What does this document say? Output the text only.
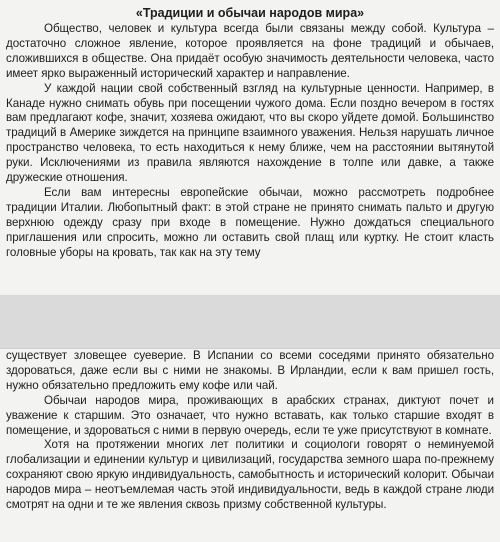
«Традиции и обычаи народов мира»

Общество, человек и культура всегда были связаны между собой. Культура – достаточно сложное явление, которое проявляется на фоне традиций и обычаев, сложившихся в обществе. Она придаёт особую значимость деятельности человека, часто имеет ярко выраженный исторический характер и направление.

У каждой нации свой собственный взгляд на культурные ценности. Например, в Канаде нужно снимать обувь при посещении чужого дома. Если поздно вечером в гостях вам предлагают кофе, значит, хозяева ожидают, что вы скоро уйдете домой. Большинство традиций в Америке зиждется на принципе взаимного уважения. Нельзя нарушать личное пространство человека, то есть находиться к нему ближе, чем на расстоянии вытянутой руки. Исключениями из правила являются нахождение в толпе или давке, а также дружеские отношения.

Если вам интересны европейские обычаи, можно рассмотреть подробнее традиции Италии. Любопытный факт: в этой стране не принято снимать пальто и другую верхнюю одежду сразу при входе в помещение. Нужно дождаться специального приглашения или спросить, можно ли оставить свой плащ или куртку. Не стоит класть головные уборы на кровать, так как на эту тему

существует зловещее суеверие. В Испании со всеми соседями принято обязательно здороваться, даже если вы с ними не знакомы. В Ирландии, если к вам пришел гость, нужно обязательно предложить ему кофе или чай.

Обычаи народов мира, проживающих в арабских странах, диктуют почет и уважение к старшим. Это означает, что нужно вставать, как только старшие входят в помещение, и здороваться с ними в первую очередь, если те уже присутствуют в комнате.

Хотя на протяжении многих лет политики и социологи говорят о неминуемой глобализации и единении культур и цивилизаций, государства земного шара по-прежнему сохраняют свою яркую индивидуальность, самобытность и исторический колорит. Обычаи народов мира – неотъемлемая часть этой индивидуальности, ведь в каждой стране люди смотрят на одни и те же явления сквозь призму собственной культуры.
